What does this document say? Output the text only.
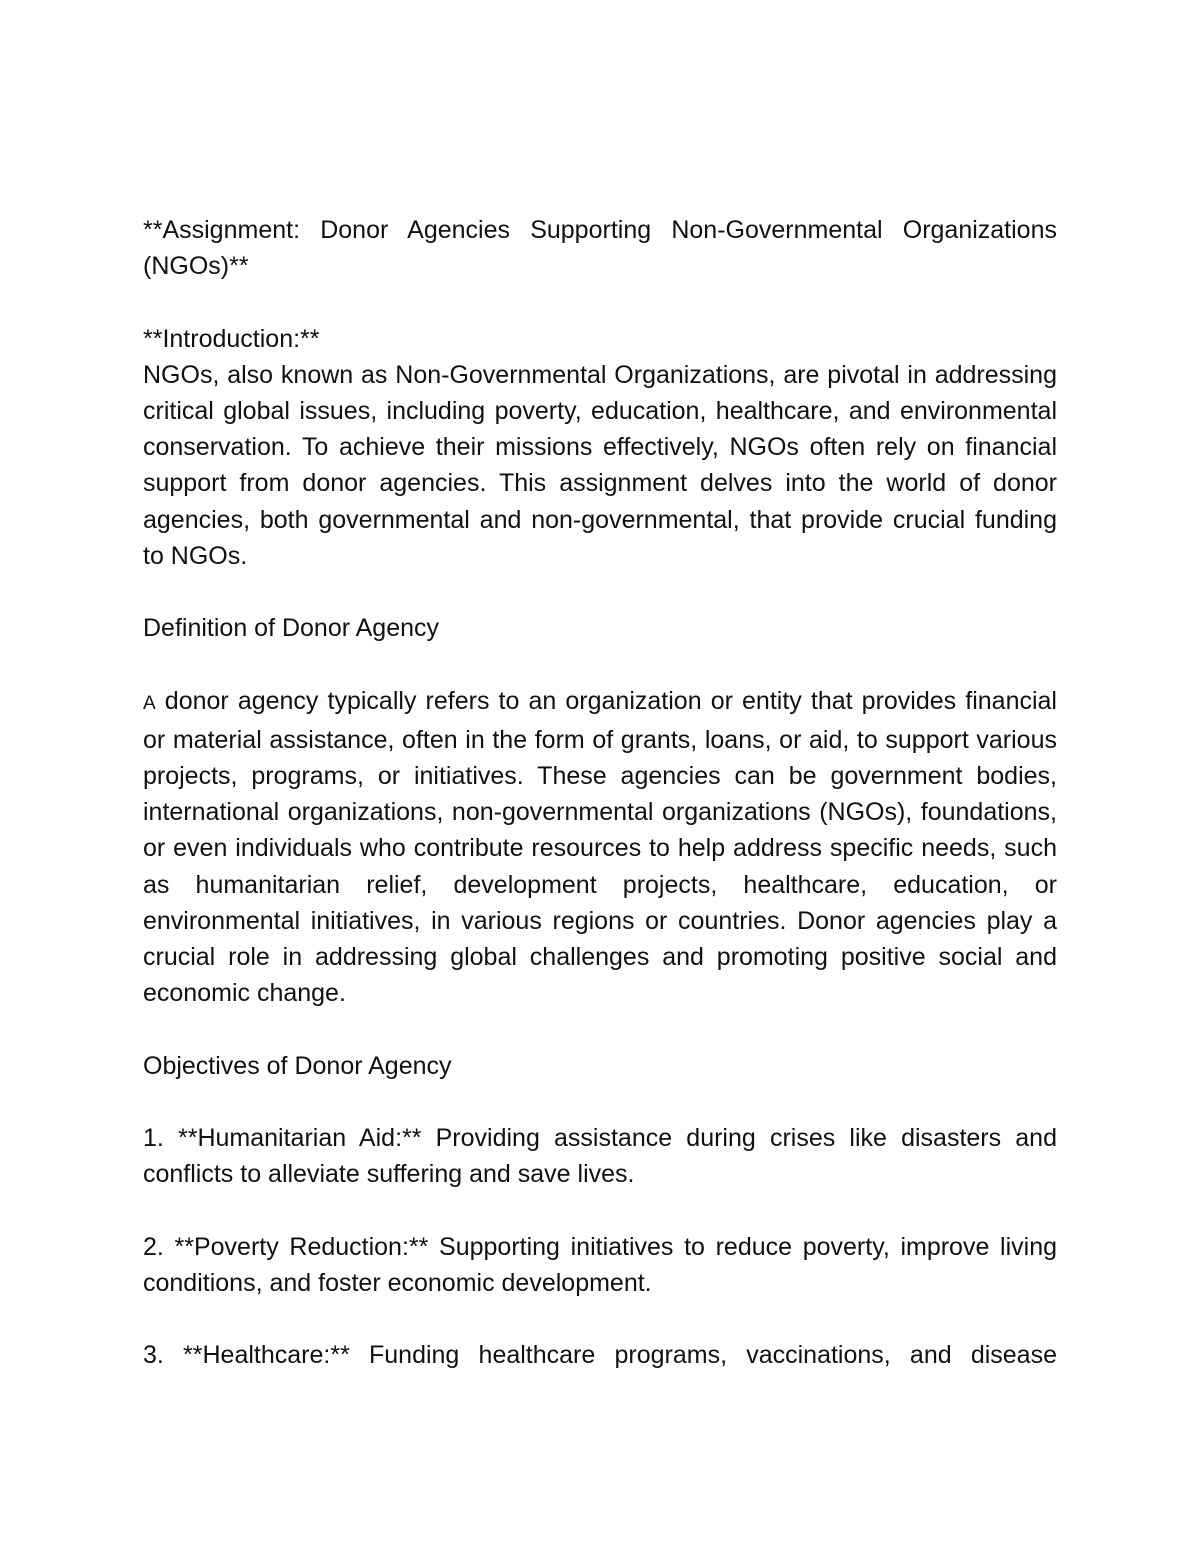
**Assignment: Donor Agencies Supporting Non-Governmental Organizations (NGOs)**

**Introduction:**

NGOs, also known as Non-Governmental Organizations, are pivotal in addressing critical global issues, including poverty, education, healthcare, and environmental conservation. To achieve their missions effectively, NGOs often rely on financial support from donor agencies. This assignment delves into the world of donor agencies, both governmental and non-governmental, that provide crucial funding to NGOs.

Definition of Donor Agency

A donor agency typically refers to an organization or entity that provides financial or material assistance, often in the form of grants, loans, or aid, to support various projects, programs, or initiatives. These agencies can be government bodies, international organizations, non-governmental organizations (NGOs), foundations, or even individuals who contribute resources to help address specific needs, such as humanitarian relief, development projects, healthcare, education, or environmental initiatives, in various regions or countries. Donor agencies play a crucial role in addressing global challenges and promoting positive social and economic change.

Objectives of Donor Agency

1. **Humanitarian Aid:** Providing assistance during crises like disasters and conflicts to alleviate suffering and save lives.

2. **Poverty Reduction:** Supporting initiatives to reduce poverty, improve living conditions, and foster economic development.

3. **Healthcare:** Funding healthcare programs, vaccinations, and disease
